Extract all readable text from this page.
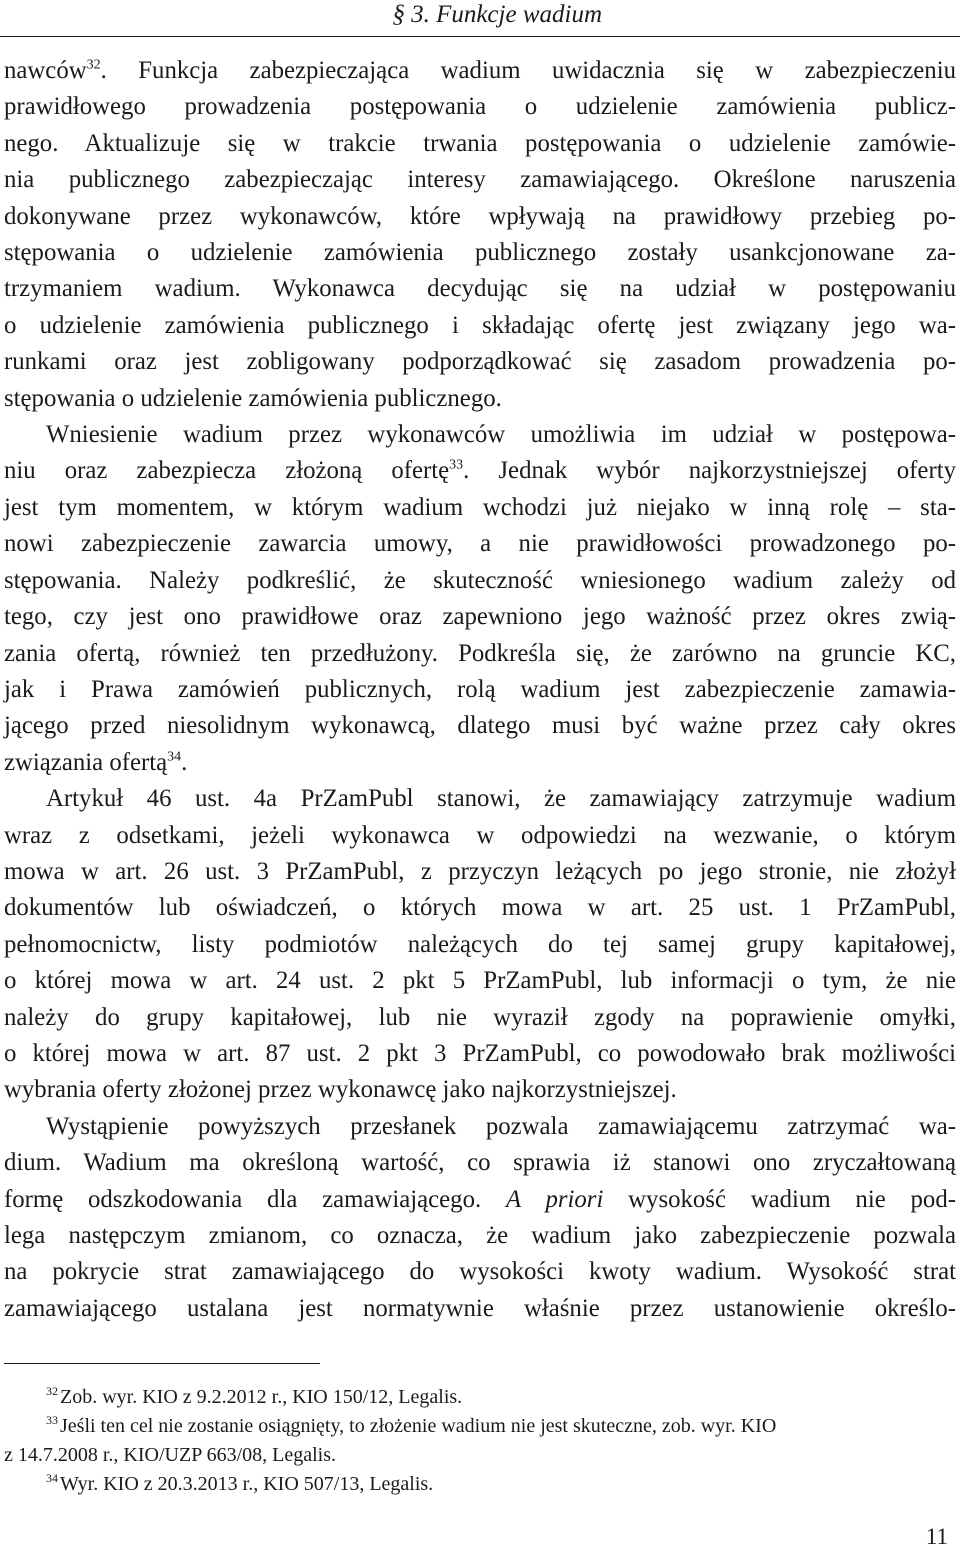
§ 3. Funkcje wadium
nawców$^{32}$. Funkcja zabezpieczająca wadium uwidacznia się w zabezpieczeniu
prawidłowego prowadzenia postępowania o udzielenie zamówienia publicz-
nego. Aktualizuje się w trakcie trwania postępowania o udzielenie zamówie-
nia publicznego zabezpieczając interesy zamawiającego. Określone naruszenia
dokonywane przez wykonawców, które wpływają na prawidłowy przebieg po-
stępowania o udzielenie zamówienia publicznego zostały usankcjonowane za-
trzymaniem wadium. Wykonawca decydując się na udział w postępowaniu
o udzielenie zamówienia publicznego i składając ofertę jest związany jego wa-
runkami oraz jest zobligowany podporządkować się zasadom prowadzenia po-
stępowania o udzielenie zamówienia publicznego.
Wniesienie wadium przez wykonawców umożliwia im udział w postępowa-
niu oraz zabezpiecza złożoną ofertę$^{33}$. Jednak wybór najkorzystniejszej oferty
jest tym momentem, w którym wadium wchodzi już niejako w inną rolę – sta-
nowi zabezpieczenie zawarcia umowy, a nie prawidłowości prowadzonego po-
stępowania. Należy podkreślić, że skuteczność wniesionego wadium zależy od
tego, czy jest ono prawidłowe oraz zapewniono jego ważność przez okres zwią-
zania ofertą, również ten przedłużony. Podkreśla się, że zarówno na gruncie KC,
jak i Prawa zamówień publicznych, rolą wadium jest zabezpieczenie zamawia-
jącego przed niesolidnym wykonawcą, dlatego musi być ważne przez cały okres
związania ofertą$^{34}$.
Artykuł 46 ust. 4a PrZamPubl stanowi, że zamawiający zatrzymuje wadium
wraz z odsetkami, jeżeli wykonawca w odpowiedzi na wezwanie, o którym
mowa w art. 26 ust. 3 PrZamPubl, z przyczyn leżących po jego stronie, nie złożył
dokumentów lub oświadczeń, o których mowa w art. 25 ust. 1 PrZamPubl,
pełnomocnictw, listy podmiotów należących do tej samej grupy kapitałowej,
o której mowa w art. 24 ust. 2 pkt 5 PrZamPubl, lub informacji o tym, że nie
należy do grupy kapitałowej, lub nie wyraził zgody na poprawienie omyłki,
o której mowa w art. 87 ust. 2 pkt 3 PrZamPubl, co powodowało brak możliwości
wybrania oferty złożonej przez wykonawcę jako najkorzystniejszej.
Wystąpienie powyższych przesłanek pozwala zamawiającemu zatrzymać wa-
dium. Wadium ma określoną wartość, co sprawia iż stanowi ono zryczałtowaną
formę odszkodowania dla zamawiającego. A priori wysokość wadium nie pod-
lega następczym zmianom, co oznacza, że wadium jako zabezpieczenie pozwala
na pokrycie strat zamawiającego do wysokości kwoty wadium. Wysokość strat
zamawiającego ustalana jest normatywnie właśnie przez ustanowienie określo-
$^{32}$ Zob. wyr. KIO z 9.2.2012 r., KIO 150/12, Legalis.
$^{33}$ Jeśli ten cel nie zostanie osiągnięty, to złożenie wadium nie jest skuteczne, zob. wyr. KIO
z 14.7.2008 r., KIO/UZP 663/08, Legalis.
$^{34}$ Wyr. KIO z 20.3.2013 r., KIO 507/13, Legalis.
11
